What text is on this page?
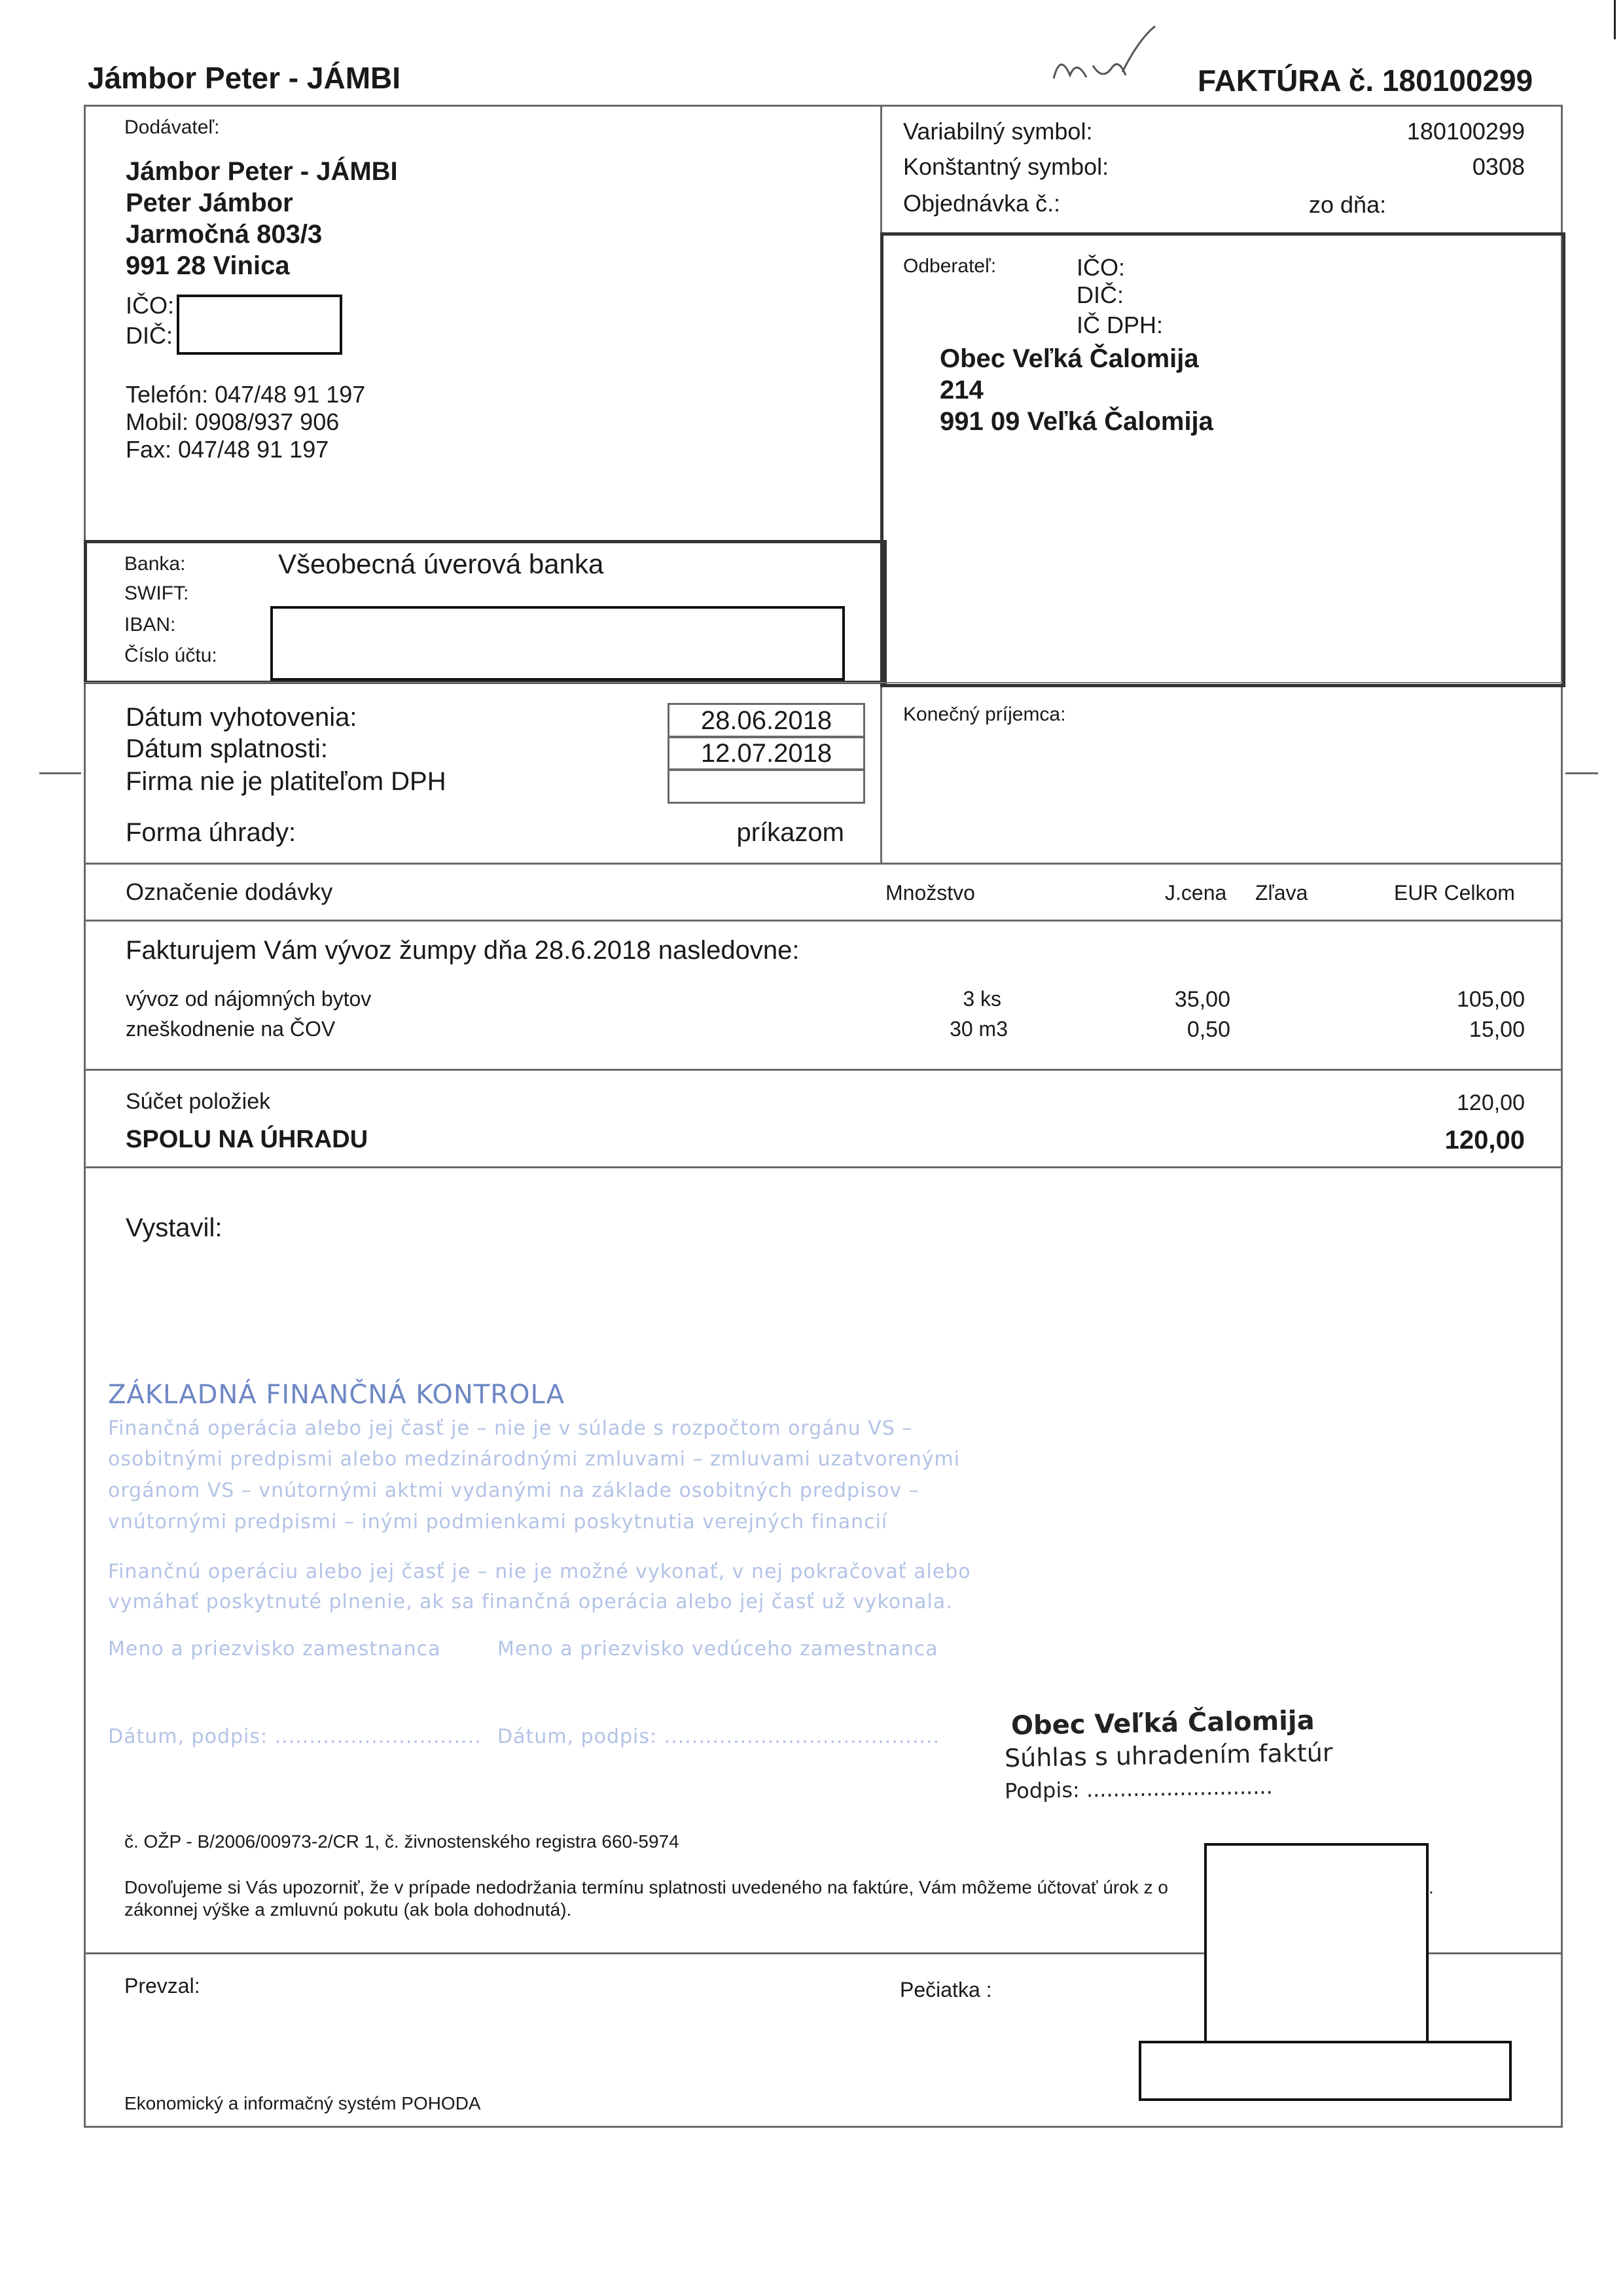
Jámbor Peter - JÁMBI	FAKTÚRA č. 180100299
Dodávateľ:
Jámbor Peter - JÁMBI
Peter Jámbor
Jarmočná 803/3
991 28 Vinica
IČO:
DIČ:
Telefón: 047/48 91 197
Mobil: 0908/937 906
Fax: 047/48 91 197
Variabilný symbol:	180100299
Konštantný symbol:	0308
Objednávka č.:	zo dňa:
Odberateľ:	IČO:
DIČ:
IČ DPH:
Obec Veľká Čalomija
214
991 09 Veľká Čalomija
Banka:	Všeobecná úverová banka
SWIFT:
IBAN:
Číslo účtu:
Dátum vyhotovenia:	28.06.2018
Dátum splatnosti:	12.07.2018
Firma nie je platiteľom DPH
Forma úhrady:	príkazom
Konečný príjemca:
Označenie dodávky	Množstvo	J.cena Zľava	EUR Celkom
Fakturujem Vám vývoz žumpy dňa 28.6.2018 nasledovne:
vývoz od nájomných bytov	3 ks	35,00	105,00
zneškodnenie na ČOV	30 m3	0,50	15,00
Súčet položiek	120,00
SPOLU NA ÚHRADU	120,00
Vystavil:
ZÁKLADNÁ FINANČNÁ KONTROLA
Finančná operácia alebo jej časť je – nie je v súlade s rozpočtom orgánu VS –
osobitnými predpismi alebo medzinárodnými zmluvami – zmluvami uzatvorenými
orgánom VS – vnútornými aktmi vydanými na základe osobitných predpisov –
vnútornými predpismi – inými podmienkami poskytnutia verejných financií
Finančnú operáciu alebo jej časť je – nie je možné vykonať, v nej pokračovať alebo
vymáhať poskytnuté plnenie, ak sa finančná operácia alebo jej časť už vykonala.
Meno a priezvisko zamestnanca	Meno a priezvisko vedúceho zamestnanca
Dátum, podpis: .............................. Dátum, podpis: ........................................	Obec Veľká Čalomija
Súhlas s uhradením faktúr
Podpis: ............................
č. OŽP - B/2006/00973-2/CR 1, č. živnostenského registra 660-5974
Dovoľujeme si Vás upozorniť, že v prípade nedodržania termínu splatnosti uvedeného na faktúre, Vám môžeme účtovať úrok z o	.
zákonnej výške a zmluvnú pokutu (ak bola dohodnutá).
Prevzal:	Pečiatka :
Ekonomický a informačný systém POHODA
